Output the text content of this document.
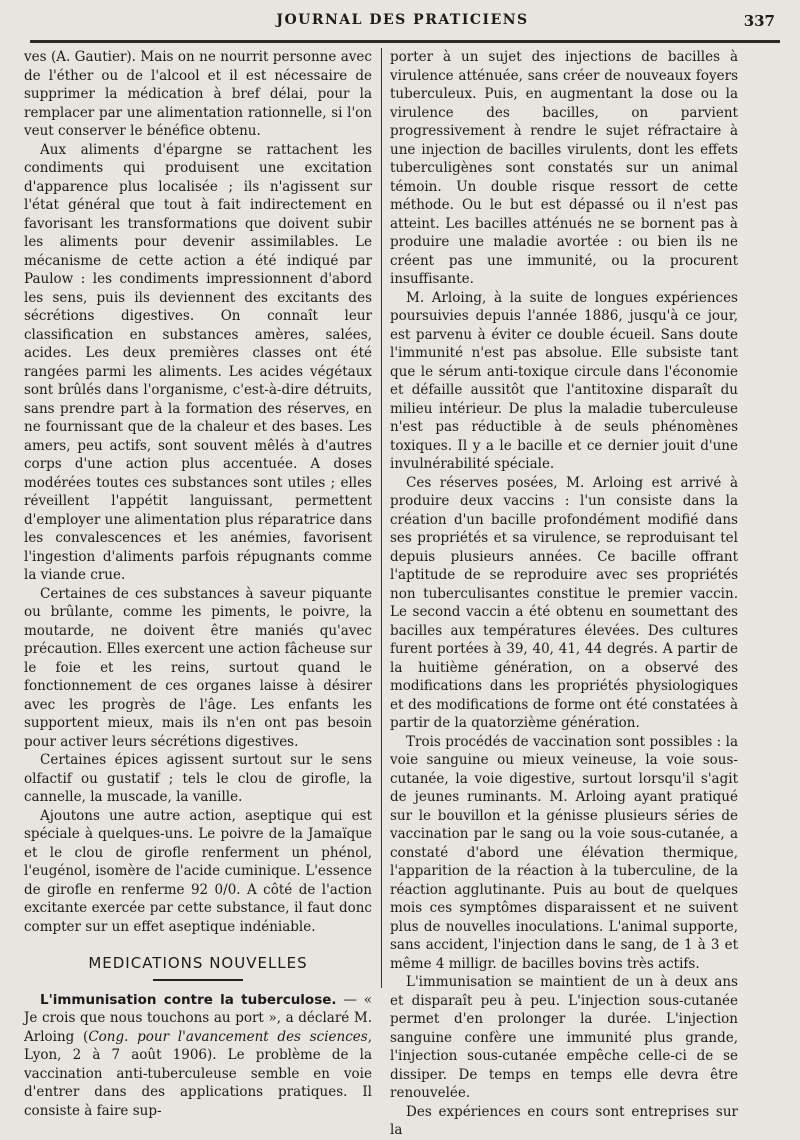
JOURNAL DES PRATICIENS	337

ves (A. Gautier). Mais on ne nourrit personne avec de l'éther ou de l'alcool et il est nécessaire de supprimer la médication à bref délai, pour la remplacer par une alimentation rationnelle, si l'on veut conserver le bénéfice obtenu.

Aux aliments d'épargne se rattachent les condiments qui produisent une excitation d'apparence plus localisée ; ils n'agissent sur l'état général que tout à fait indirectement en favorisant les transformations que doivent subir les aliments pour devenir assimilables. Le mécanisme de cette action a été indiqué par Paulow : les condiments impressionnent d'abord les sens, puis ils deviennent des excitants des sécrétions digestives. On connaît leur classification en substances amères, salées, acides. Les deux premières classes ont été rangées parmi les aliments. Les acides végétaux sont brûlés dans l'organisme, c'est-à-dire détruits, sans prendre part à la formation des réserves, en ne fournissant que de la chaleur et des bases. Les amers, peu actifs, sont souvent mêlés à d'autres corps d'une action plus accentuée. A doses modérées toutes ces substances sont utiles ; elles réveillent l'appétit languissant, permettent d'employer une alimentation plus réparatrice dans les convalescences et les anémies, favorisent l'ingestion d'aliments parfois répugnants comme la viande crue.

Certaines de ces substances à saveur piquante ou brûlante, comme les piments, le poivre, la moutarde, ne doivent être maniés qu'avec précaution. Elles exercent une action fâcheuse sur le foie et les reins, surtout quand le fonctionnement de ces organes laisse à désirer avec les progrès de l'âge. Les enfants les supportent mieux, mais ils n'en ont pas besoin pour activer leurs sécrétions digestives.

Certaines épices agissent surtout sur le sens olfactif ou gustatif ; tels le clou de girofle, la cannelle, la muscade, la vanille.

Ajoutons une autre action, aseptique qui est spéciale à quelques-uns. Le poivre de la Jamaïque et le clou de girofle renferment un phénol, l'eugénol, isomère de l'acide cuminique. L'essence de girofle en renferme 92 0/0. A côté de l'action excitante exercée par cette substance, il faut donc compter sur un effet aseptique indéniable.

MEDICATIONS NOUVELLES

L'immunisation contre la tuberculose. — « Je crois que nous touchons au port », a déclaré M. Arloing (Cong. pour l'avancement des sciences, Lyon, 2 à 7 août 1906). Le problème de la vaccination anti-tuberculeuse semble en voie d'entrer dans des applications pratiques. Il consiste à faire sup-

porter à un sujet des injections de bacilles à virulence atténuée, sans créer de nouveaux foyers tuberculeux. Puis, en augmentant la dose ou la virulence des bacilles, on parvient progressivement à rendre le sujet réfractaire à une injection de bacilles virulents, dont les effets tuberculigènes sont constatés sur un animal témoin. Un double risque ressort de cette méthode. Ou le but est dépassé ou il n'est pas atteint. Les bacilles atténués ne se bornent pas à produire une maladie avortée : ou bien ils ne créent pas une immunité, ou la procurent insuffisante.

M. Arloing, à la suite de longues expériences poursuivies depuis l'année 1886, jusqu'à ce jour, est parvenu à éviter ce double écueil. Sans doute l'immunité n'est pas absolue. Elle subsiste tant que le sérum anti-toxique circule dans l'économie et défaille aussitôt que l'antitoxine disparaît du milieu intérieur. De plus la maladie tuberculeuse n'est pas réductible à de seuls phénomènes toxiques. Il y a le bacille et ce dernier jouit d'une invulnérabilité spéciale.

Ces réserves posées, M. Arloing est arrivé à produire deux vaccins : l'un consiste dans la création d'un bacille profondément modifié dans ses propriétés et sa virulence, se reproduisant tel depuis plusieurs années. Ce bacille offrant l'aptitude de se reproduire avec ses propriétés non tuberculisantes constitue le premier vaccin. Le second vaccin a été obtenu en soumettant des bacilles aux températures élevées. Des cultures furent portées à 39, 40, 41, 44 degrés. A partir de la huitième génération, on a observé des modifications dans les propriétés physiologiques et des modifications de forme ont été constatées à partir de la quatorzième génération.

Trois procédés de vaccination sont possibles : la voie sanguine ou mieux veineuse, la voie sous-cutanée, la voie digestive, surtout lorsqu'il s'agit de jeunes ruminants. M. Arloing ayant pratiqué sur le bouvillon et la génisse plusieurs séries de vaccination par le sang ou la voie sous-cutanée, a constaté d'abord une élévation thermique, l'apparition de la réaction à la tuberculine, de la réaction agglutinante. Puis au bout de quelques mois ces symptômes disparaissent et ne suivent plus de nouvelles inoculations. L'animal supporte, sans accident, l'injection dans le sang, de 1 à 3 et même 4 milligr. de bacilles bovins très actifs.

L'immunisation se maintient de un à deux ans et disparaît peu à peu. L'injection sous-cutanée permet d'en prolonger la durée. L'injection sanguine confère une immunité plus grande, l'injection sous-cutanée empêche celle-ci de se dissiper. De temps en temps elle devra être renouvelée.

Des expériences en cours sont entreprises sur la
